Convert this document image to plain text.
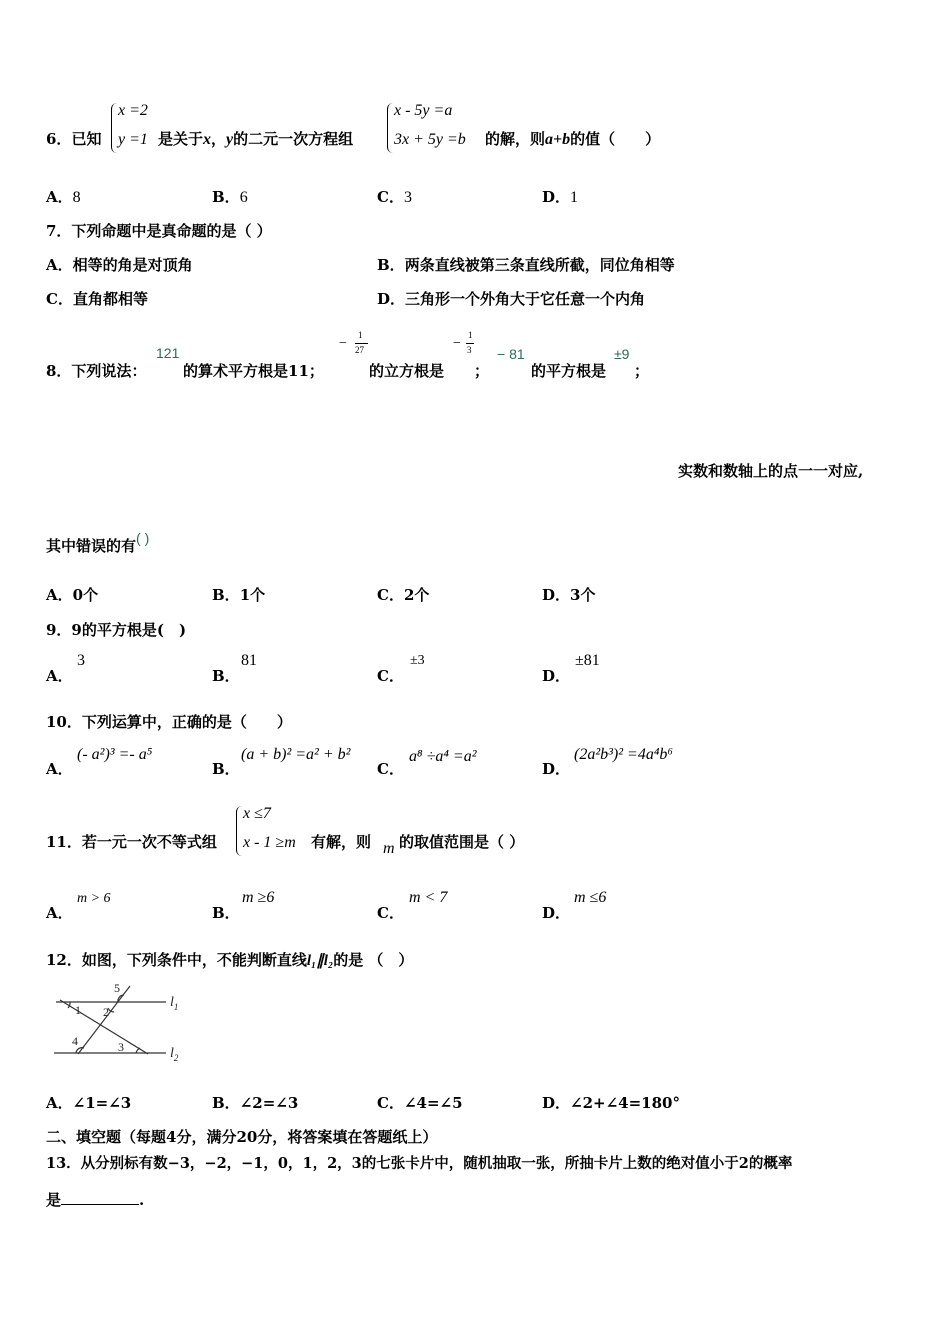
6．已知
x =2
y =1 是关于x，y的二元一次方程组
x - 5y =a
3x + 5y =b 的解，则a+b的值（　　）
A．8	B．6	C．3	D．1
7．下列命题中是真命题的是（ ）
A．相等的角是对顶角	B．两条直线被第三条直线所截，同位角相等
C．直角都相等	D．三角形一个外角大于它任意一个内角
8．下列说法：
121
的算术平方根是11；
−
1
27
的立方根是
−
1
3
；
− 81
的平方根是
±9
；
实数和数轴上的点一一对应,
其中错误的有( )
A．0个	B．1个	C．2个	D．3个
9．9的平方根是(　)
A．
3
B．
81
C．
±3
D．
±81
10．下列运算中，正确的是（　　）
A．
(- a²)³ =- a⁵
B．
(a + b)² =a² + b²
C．
a⁸ ÷a⁴ =a²
D．
(2a²b³)² =4a⁴b⁶
11．若一元一次不等式组
x ≤7
x - 1 ≥m 有解，则 m 的取值范围是（ ）
A．
m > 6
B．
m ≥6
C．
m < 7
D．
m ≤6
12．如图，下列条件中，不能判断直线l₁∥l₂的是 （　）
5
1 2
4	3
$l_1$
$l_2$
A．∠1=∠3	B．∠2=∠3	C．∠4=∠5	D．∠2+∠4=180°
二、填空题（每题4分，满分20分，将答案填在答题纸上）
13．从分别标有数−3，−2，−1，0，1，2，3的七张卡片中，随机抽取一张，所抽卡片上数的绝对值小于2的概率
是	.
